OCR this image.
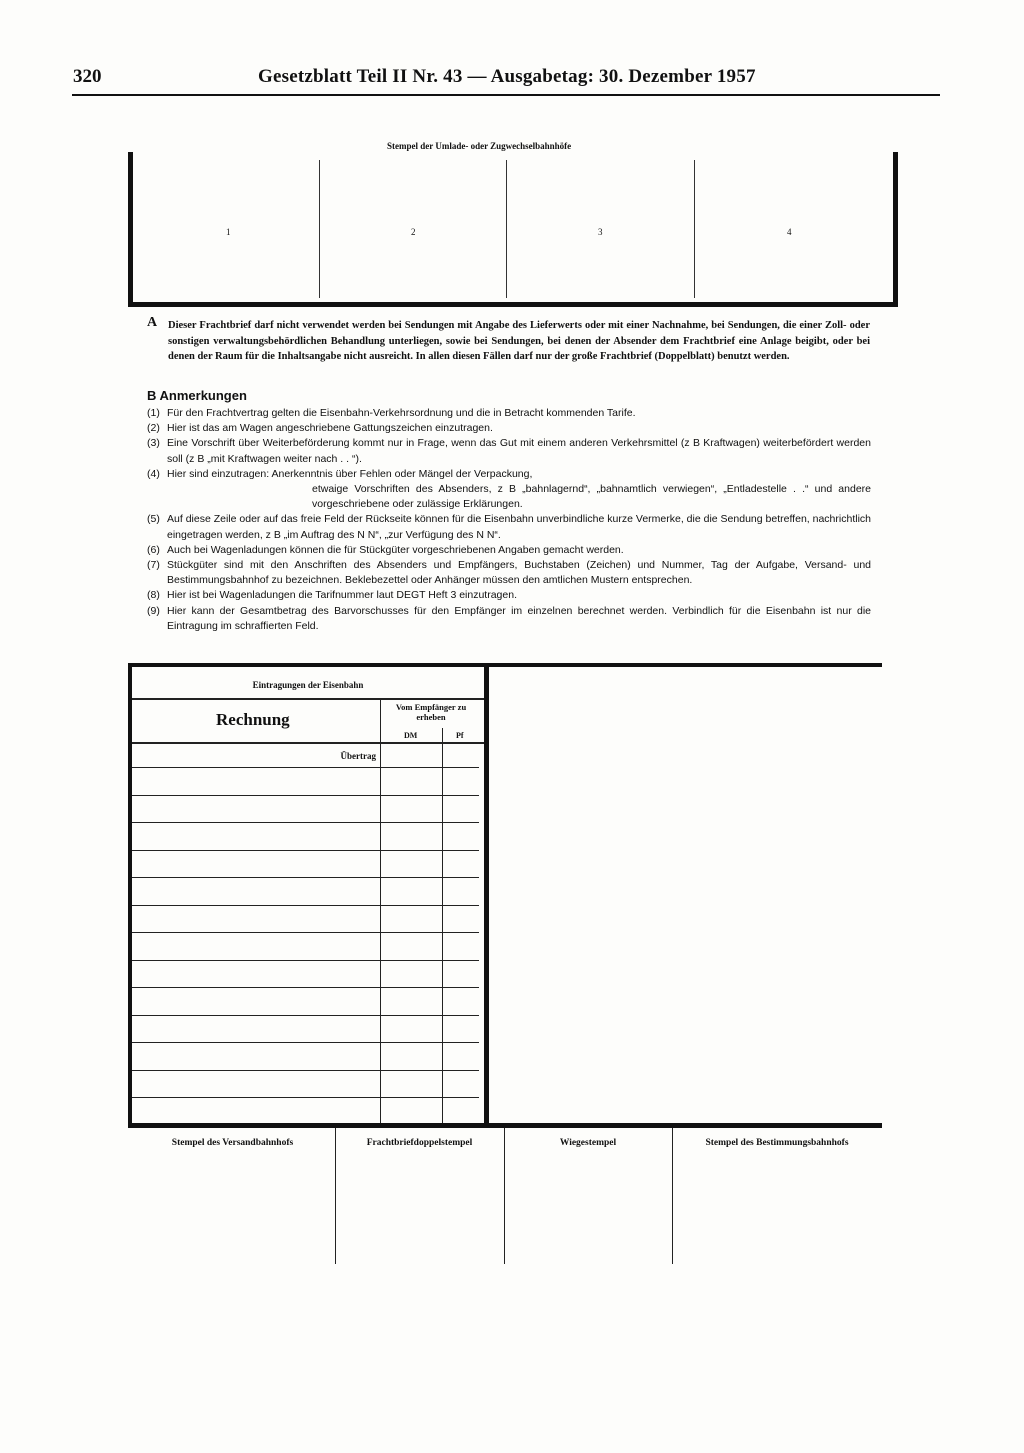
320	Gesetzblatt Teil II Nr. 43 — Ausgabetag: 30. Dezember 1957
Stempel der Umlade- oder Zugwechselbahnhöfe
1	2	3	4
A Dieser Frachtbrief darf nicht verwendet werden bei Sendungen mit Angabe des Lieferwerts oder mit einer Nachnahme, bei Sendungen, die einer Zoll- oder sonstigen verwaltungsbehördlichen Behandlung unterliegen, sowie bei Sendungen, bei denen der Absender dem Frachtbrief eine Anlage beigibt, oder bei denen der Raum für die Inhaltsangabe nicht ausreicht. In allen diesen Fällen darf nur der große Frachtbrief (Doppelblatt) benutzt werden.
B Anmerkungen
(1) Für den Frachtvertrag gelten die Eisenbahn-Verkehrsordnung und die in Betracht kommenden Tarife.
(2) Hier ist das am Wagen angeschriebene Gattungszeichen einzutragen.
(3) Eine Vorschrift über Weiterbeförderung kommt nur in Frage, wenn das Gut mit einem anderen Verkehrsmittel (z B Kraftwagen) weiterbefördert werden soll (z B „mit Kraftwagen weiter nach . . “).
(4) Hier sind einzutragen: Anerkenntnis über Fehlen oder Mängel der Verpackung,
etwaige Vorschriften des Absenders, z B „bahnlagernd“, „bahnamtlich verwiegen“, „Entladestelle . .“ und andere vorgeschriebene oder zulässige Erklärungen.
(5) Auf diese Zeile oder auf das freie Feld der Rückseite können für die Eisenbahn unverbindliche kurze Vermerke, die die Sendung betreffen, nachrichtlich eingetragen werden, z B „im Auftrag des N N“, „zur Verfügung des N N“.
(6) Auch bei Wagenladungen können die für Stückgüter vorgeschriebenen Angaben gemacht werden.
(7) Stückgüter sind mit den Anschriften des Absenders und Empfängers, Buchstaben (Zeichen) und Nummer, Tag der Aufgabe, Versand- und Bestimmungsbahnhof zu bezeichnen. Beklebezettel oder Anhänger müssen den amtlichen Mustern entsprechen.
(8) Hier ist bei Wagenladungen die Tarifnummer laut DEGT Heft 3 einzutragen.
(9) Hier kann der Gesamtbetrag des Barvorschusses für den Empfänger im einzelnen berechnet werden. Verbindlich für die Eisenbahn ist nur die Eintragung im schraffierten Feld.
Eintragungen der Eisenbahn
Rechnung
Vom Empfänger zu erheben
DM	Pf
Übertrag
Stempel des Versandbahnhofs	Frachtbriefdoppelstempel	Wiegestempel	Stempel des Bestimmungsbahnhofs
